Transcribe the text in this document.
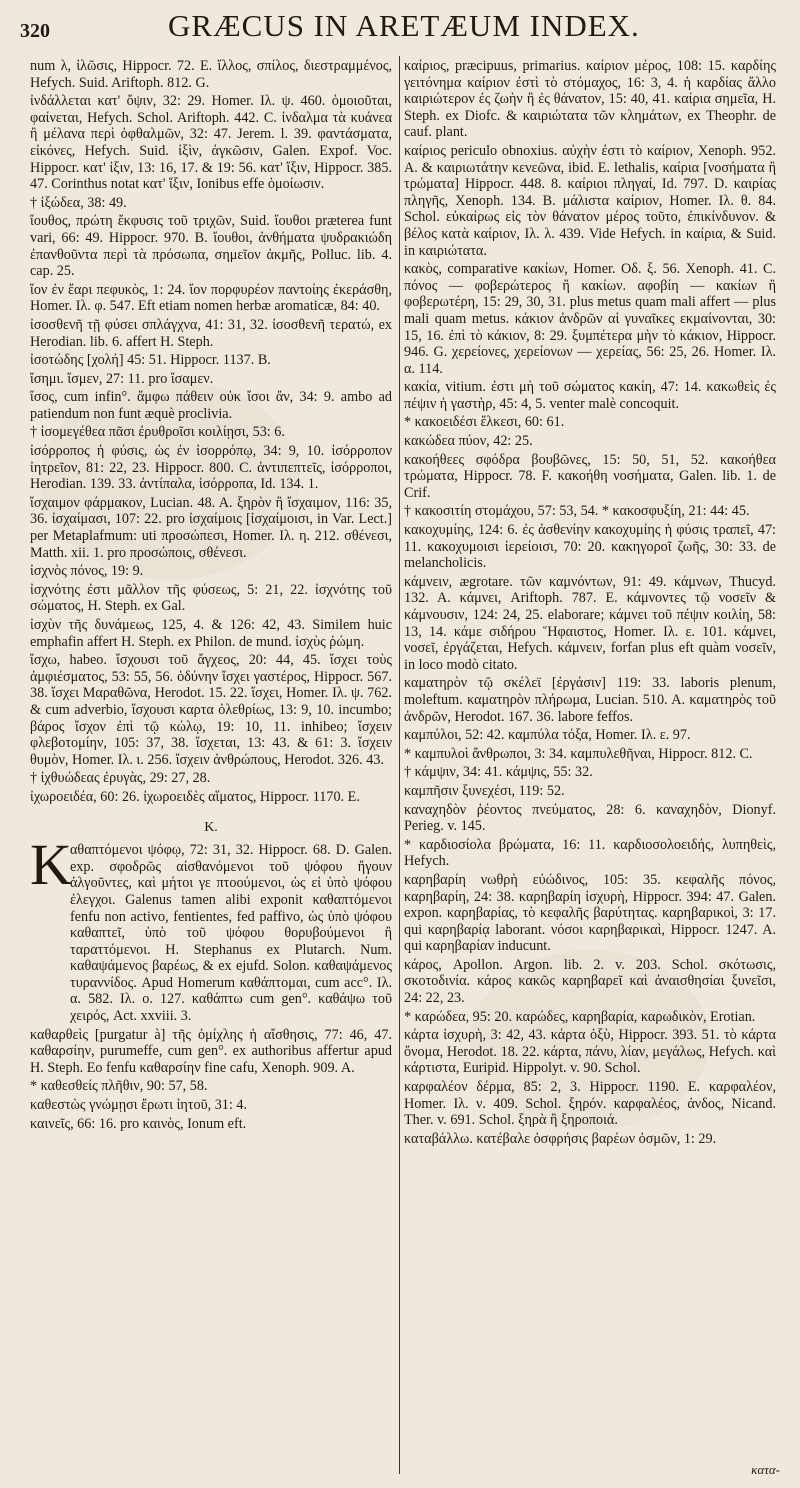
320	GRÆCUS IN ARETÆUM INDEX.

num λ, ἰλῶσις, Hippocr. 72. E. ἴλλος, σπίλος, διεστραμμένος, Hefych. Suid. Ariftoph. 812. G.

ἰνδάλλεται κατ' ὄψιν, 32: 29. Homer. Ιλ. ψ. 460. ὁμοιοῦται, φαίνεται, Hefych. Schol. Ariftoph. 442. C. ἰνδαλμα τὰ κυάνεα ἢ μέλανα περὶ ὀφθαλμῶν, 32: 47. Jerem. l. 39. φαντάσματα, εἰκόνες, Hefych. Suid. ἰξὶν, ἀγκῶσιν, Galen. Expof. Voc. Hippocr. κατ' ἰξιν, 13: 16, 17. & 19: 56. κατ' ἴξιν, Hippocr. 385. 47. Corinthus notat κατ' ἴξιν, Ionibus effe ὁμοίωσιν.

† ἰξώδεα, 38: 49.

ἴουθος, πρώτη ἔκφυσις τοῦ τριχῶν, Suid. ἴουθοι præterea funt vari, 66: 49. Hippocr. 970. B. ἴουθοι, ἀνθήματα ψυδρακιώδη ἐπανθοῦντα περὶ τὰ πρόσωπα, σημεῖον ἀκμῆς, Polluc. lib. 4. cap. 25.

ἴον ἐν ἔαρι πεφυκὸς, 1: 24. ἴον πορφυρέον παντοίης ἐκεράσθη, Homer. Ιλ. φ. 547. Eft etiam nomen herbæ aromaticæ, 84: 40.

ἰσοσθενῆ τῇ φύσει σπλάγχνα, 41: 31, 32. ἰσοσθενῆ τερατώ, ex Herodian. lib. 6. affert H. Steph.

ἰσοτώδης [χολή] 45: 51. Hippocr. 1137. B.

ἴσημι. ἴσμεν, 27: 11. pro ἴσαμεν.

ἴσος, cum infin°. ἄμφω πάθειν οὐκ ἴσοι ἄν, 34: 9. ambo ad patiendum non funt æquè proclivia.

† ἰσομεγέθεα πᾶσι ἐρυθροῖσι κοιλίῃσι, 53: 6.

ἰσόρροπος ἡ φύσις, ὡς ἐν ἰσορρόπῳ, 34: 9, 10. ἰσόρροπον ἰητρεῖον, 81: 22, 23. Hippocr. 800. C. ἀντιπεπτεῖς, ἰσόρροποι, Herodian. 139. 33. ἀντίπαλα, ἰσόρροπα, Id. 134. 1.

ἴσχαιμον φάρμακον, Lucian. 48. A. ξηρὸν ἢ ἴσχαιμον, 116: 35, 36. ἰσχαίμασι, 107: 22. pro ἰσχαίμοις [ἰσχαίμοισι, in Var. Lect.] per Metaplafmum: uti προσώπεσι, Homer. Ιλ. η. 212. σθένεσι, Matth. xii. 1. pro προσώποις, σθένεσι.

ἰσχνὸς πόνος, 19: 9.

ἰσχνότης ἐστι μᾶλλον τῆς φύσεως, 5: 21, 22. ἰσχνότης τοῦ σώματος, H. Steph. ex Gal.

ἰσχὺν τῆς δυνάμεως, 125, 4. & 126: 42, 43. Similem huic emphafin affert H. Steph. ex Philon. de mund. ἰσχὺς ῥώμη.

ἴσχω, habeo. ἴσχουσι τοῦ ἄγχεος, 20: 44, 45. ἴσχει τοὺς ἀμφιέσματος, 53: 55, 56. ὁδύνην ἴσχει γαστέρος, Hippocr. 567. 38. ἴσχει Μαραθῶνα, Herodot. 15. 22. ἴσχει, Homer. Ιλ. ψ. 762. & cum adverbio, ἴσχουσι καρτα ὀλεθρίως, 13: 9, 10. incumbo; βάρος ἴσχον ἐπὶ τῷ κώλῳ, 19: 10, 11. inhibeo; ἴσχειν φλεβοτομίην, 105: 37, 38. ἴσχεται, 13: 43. & 61: 3. ἴσχειν θυμὸν, Homer. Ιλ. ι. 256. ἴσχειν ἀνθρώπους, Herodot. 326. 43.

† ἰχθυώδεας ἐρυγὰς, 29: 27, 28.

ἰχωροειδέα, 60: 26. ἰχωροειδὲς αἵματος, Hippocr. 1170. E.

K.

K
αθαπτόμενοι ψόφῳ, 72: 31, 32. Hippocr. 68. D. Galen. exp. σφοδρῶς αἰσθανόμενοι τοῦ ψόφου ἤγουν ἀλγοῦντες, καὶ μήτοι γε πτοούμενοι, ὡς εἰ ὑπὸ ψόφου ἐλεγχοι. Galenus tamen alibi exponit καθαπτόμενοι fenfu non activo, fentientes, fed paffivo, ὡς ὑπὸ ψόφου καθαπτεῖ, ὑπὸ τοῦ ψόφου θορυβούμενοι ἢ ταραττόμενοι. H. Stephanus ex Plutarch. Num. καθαψάμενος βαρέως, & ex ejufd. Solon. καθαψάμενος τυραννίδος. Apud Homerum καθάπτομαι, cum acc°. Ιλ. α. 582. Ιλ. ο. 127. καθάπτω cum gen°. καθάψω τοῦ χειρός, Act. xxviii. 3.

καθαρθεὶς [purgatur à] τῆς ὀμίχλης ἡ αἴσθησις, 77: 46, 47. καθαρσίην, purumeffe, cum gen°. ex authoribus affertur apud H. Steph. Eo fenfu καθαρσίην fine cafu, Xenoph. 909. A.

* καθεσθείς πλῆθιν, 90: 57, 58.

καθεστὼς γνώμῃσι ἔρωτι ἰητοῦ, 31: 4.

καινεῖς, 66: 16. pro καινὸς, Ionum eft.

καίριος, præcipuus, primarius. καίριον μέρος, 108: 15. καρδίης γειτόνημα καίριον ἐστὶ τὸ στόμαχος, 16: 3, 4. ἡ καρδίας ἄλλο καιριώτερον ἐς ζωὴν ἢ ἐς θάνατον, 15: 40, 41. καίρια σημεῖα, H. Steph. ex Diofc. & καιριώτατα τῶν κλημάτων, ex Theophr. de cauf. plant.

καίριος periculo obnoxius. αὐχὴν ἐστι τὸ καίριον, Xenoph. 952. A. & καιριωτάτην κενεῶνα, ibid. E. lethalis, καίρια [νοσήματα ἢ τρώματα] Hippocr. 448. 8. καίριοι πληγαί, Id. 797. D. καιρίας πληγῆς, Xenoph. 134. B. μάλιστα καίριον, Homer. Ιλ. θ. 84. Schol. εὐκαίρως εἰς τὸν θάνατον μέρος τοῦτο, ἐπικίνδυνον. & βέλος κατὰ καίριον, Ιλ. λ. 439. Vide Hefych. in καίρια, & Suid. in καιριώτατα.

κακὸς, comparative κακίων, Homer. Οδ. ξ. 56. Xenoph. 41. C. πόνος — φοβερώτερος ἢ κακίων. αφοβίη — κακίων ἢ φοβερωτέρη, 15: 29, 30, 31. plus metus quam mali affert — plus mali quam metus. κάκιον ἀνδρῶν αἱ γυναῖκες εκμαίνονται, 30: 15, 16. ἐπὶ τὸ κάκιον, 8: 29. ξυμπέτερα μὴν τὸ κάκιον, Hippocr. 946. G. χερείονες, χερείονων — χερείας, 56: 25, 26. Homer. Ιλ. α. 114.

κακία, vitium. ἐστι μὴ τοῦ σώματος κακίη, 47: 14. κακωθεὶς ἐς πέψιν ἡ γαστὴρ, 45: 4, 5. venter malè concoquit.

* κακοειδέσι ἕλκεσι, 60: 61.

κακώδεα πύον, 42: 25.

κακοήθεες σφόδρα βουβῶνες, 15: 50, 51, 52. κακοήθεα τρώματα, Hippocr. 78. F. κακοήθη νοσήματα, Galen. lib. 1. de Crif.

† κακοσιτίη στομάχου, 57: 53, 54. * κακοσφυξίη, 21: 44: 45.

κακοχυμίης, 124: 6. ἐς ἀσθενίην κακοχυμίης ἡ φύσις τραπεῖ, 47: 11. κακοχυμοισι ἱερείοισι, 70: 20. κακηγοροῖ ζωῆς, 30: 33. de melancholicis.

κάμνειν, ægrotare. τῶν καμνόντων, 91: 49. κάμνων, Thucyd. 132. A. κάμνει, Ariftoph. 787. E. κάμνοντες τῷ νοσεῖν & κάμνουσιν, 124: 24, 25. elaborare; κάμνει τοῦ πέψιν κοιλίη, 58: 13, 14. κάμε σιδήρου Ἥφαιστος, Homer. Ιλ. ε. 101. κάμνει, νοσεῖ, ἐργάζεται, Hefych. κάμνειν, forfan plus eft quàm νοσεῖν, in loco modò citato.

καματηρὸν τῷ σκέλεϊ [ἐργάσιν] 119: 33. laboris plenum, moleftum. καματηρὸν πλήρωμα, Lucian. 510. A. καματηρὸς τοῦ ἀνδρῶν, Herodot. 167. 36. labore feffos.

καμπύλοι, 52: 42. καμπύλα τόξα, Homer. Ιλ. ε. 97.

* καμπυλοὶ ἄνθρωποι, 3: 34. καμπυλεθῆναι, Hippocr. 812. C.

† κάμψιν, 34: 41. κάμψις, 55: 32.

καμπῆσιν ξυνεχέσι, 119: 52.

καναχηδὸν ῥέοντος πνεύματος, 28: 6. καναχηδὸν, Dionyf. Perieg. v. 145.

* καρδιοσίολα βρώματα, 16: 11. καρδιοσολοειδής, λυπηθεὶς, Hefych.

καρηβαρίη νωθρὴ εὐώδινος, 105: 35. κεφαλῆς πόνος, καρηβαρίη, 24: 38. καρηβαρίη ἰσχυρὴ, Hippocr. 394: 47. Galen. expon. καρηβαρίας, τὸ κεφαλῆς βαρύτητας. καρηβαρικοὶ, 3: 17. qui καρηβαρίᾳ laborant. νόσοι καρηβαρικαὶ, Hippocr. 1247. A. qui καρηβαρίαν inducunt.

κάρος, Apollon. Argon. lib. 2. v. 203. Schol. σκότωσις, σκοτοδινία. κάρος κακῶς καρηβαρεῖ καὶ ἀναισθησίαι ξυνεῖσι, 24: 22, 23.

* καρώδεα, 95: 20. καρώδες, καρηβαρία, καρωδικὸν, Erotian.

κάρτα ἰσχυρὴ, 3: 42, 43. κάρτα ὀξὺ, Hippocr. 393. 51. τὸ κάρτα ὄνομα, Herodot. 18. 22. κάρτα, πάνυ, λίαν, μεγάλως, Hefych. καὶ κάρτιστα, Euripid. Hippolyt. v. 90. Schol.

καρφαλέον δέρμα, 85: 2, 3. Hippocr. 1190. E. καρφαλέον, Homer. Ιλ. ν. 409. Schol. ξηρόν. καρφαλέος, ἀνδος, Nicand. Ther. v. 691. Schol. ξηρὰ ἢ ξηροποιά.

καταβάλλω. κατέβαλε ὀσφρήσις βαρέων ὀσμῶν, 1: 29.

κατα-
